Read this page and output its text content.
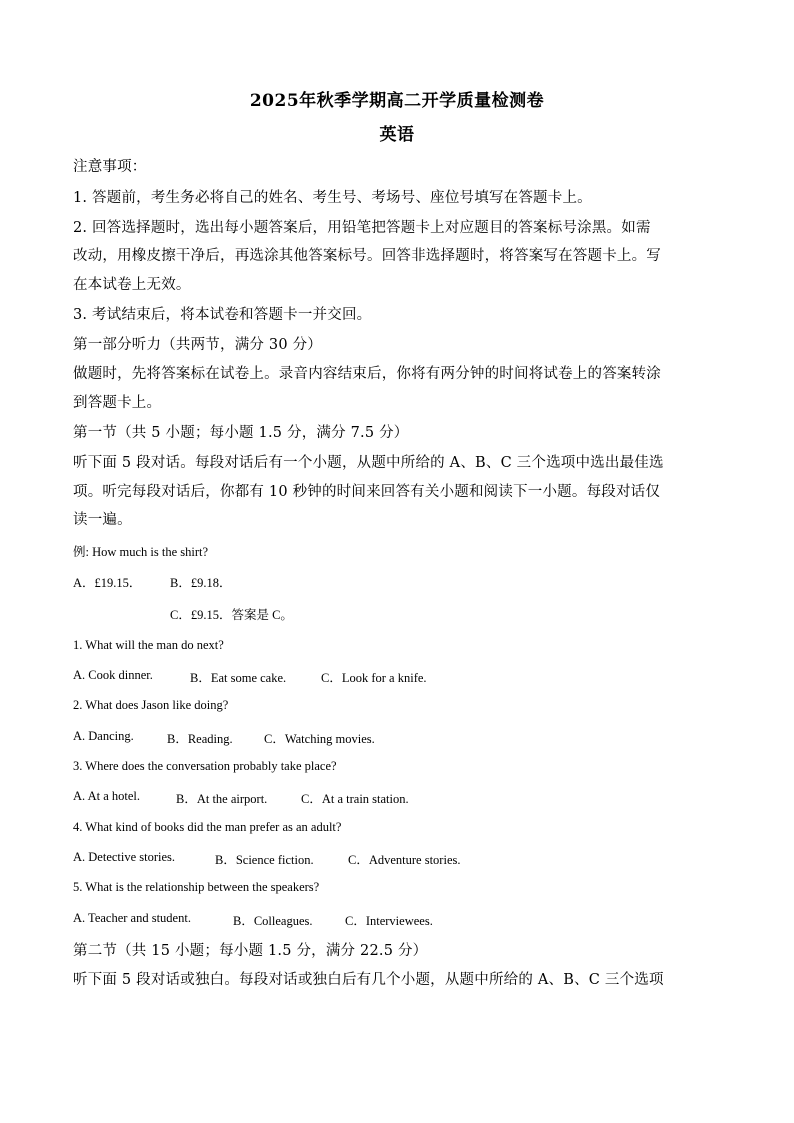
2025年秋季学期高二开学质量检测卷
英语
注意事项：
1. 答题前，考生务必将自己的姓名、考生号、考场号、座位号填写在答题卡上。
2. 回答选择题时，选出每小题答案后，用铅笔把答题卡上对应题目的答案标号涂黑。如需
改动，用橡皮擦干净后，再选涂其他答案标号。回答非选择题时，将答案写在答题卡上。写
在本试卷上无效。
3. 考试结束后，将本试卷和答题卡一并交回。
第一部分听力（共两节，满分 30 分）
做题时，先将答案标在试卷上。录音内容结束后，你将有两分钟的时间将试卷上的答案转涂
到答题卡上。
第一节（共 5 小题；每小题 1.5 分，满分 7.5 分）
听下面 5 段对话。每段对话后有一个小题，从题中所给的 A、B、C 三个选项中选出最佳选
项。听完每段对话后，你都有 10 秒钟的时间来回答有关小题和阅读下一小题。每段对话仅
读一遍。
例: How much is the shirt?
A．£19.15． B．£9.18．
C．£9.15．答案是 C。
1. What will the man do next?
A. Cook dinner.	B．Eat some cake.	C．Look for a knife.
2. What does Jason like doing?
A. Dancing.	B．Reading.	C．Watching movies.
3. Where does the conversation probably take place?
A. At a hotel.	B．At the airport.	C．At a train station.
4. What kind of books did the man prefer as an adult?
A. Detective stories.	B．Science fiction.	C．Adventure stories.
5. What is the relationship between the speakers?
A. Teacher and student.	B．Colleagues.	C．Interviewees.
第二节（共 15 小题；每小题 1.5 分，满分 22.5 分）
听下面 5 段对话或独白。每段对话或独白后有几个小题，从题中所给的 A、B、C 三个选项
